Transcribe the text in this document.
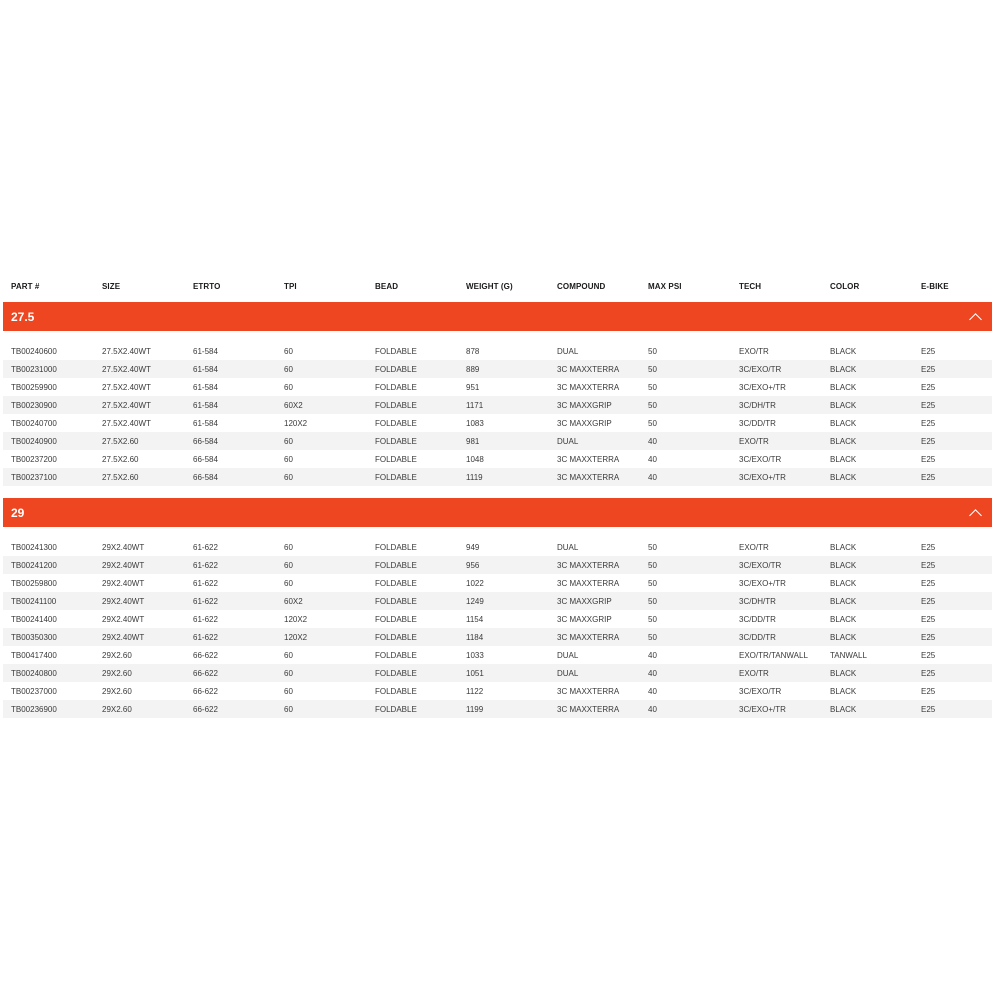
PART #	SIZE	ETRTO	TPI	BEAD	WEIGHT (G)	COMPOUND	MAX PSI	TECH	COLOR	E-BIKE
27.5
TB00240600	27.5X2.40WT	61-584	60	FOLDABLE	878	DUAL	50	EXO/TR	BLACK	E25
TB00231000	27.5X2.40WT	61-584	60	FOLDABLE	889	3C MAXXTERRA	50	3C/EXO/TR	BLACK	E25
TB00259900	27.5X2.40WT	61-584	60	FOLDABLE	951	3C MAXXTERRA	50	3C/EXO+/TR	BLACK	E25
TB00230900	27.5X2.40WT	61-584	60X2	FOLDABLE	1171	3C MAXXGRIP	50	3C/DH/TR	BLACK	E25
TB00240700	27.5X2.40WT	61-584	120X2	FOLDABLE	1083	3C MAXXGRIP	50	3C/DD/TR	BLACK	E25
TB00240900	27.5X2.60	66-584	60	FOLDABLE	981	DUAL	40	EXO/TR	BLACK	E25
TB00237200	27.5X2.60	66-584	60	FOLDABLE	1048	3C MAXXTERRA	40	3C/EXO/TR	BLACK	E25
TB00237100	27.5X2.60	66-584	60	FOLDABLE	1119	3C MAXXTERRA	40	3C/EXO+/TR	BLACK	E25
29
TB00241300	29X2.40WT	61-622	60	FOLDABLE	949	DUAL	50	EXO/TR	BLACK	E25
TB00241200	29X2.40WT	61-622	60	FOLDABLE	956	3C MAXXTERRA	50	3C/EXO/TR	BLACK	E25
TB00259800	29X2.40WT	61-622	60	FOLDABLE	1022	3C MAXXTERRA	50	3C/EXO+/TR	BLACK	E25
TB00241100	29X2.40WT	61-622	60X2	FOLDABLE	1249	3C MAXXGRIP	50	3C/DH/TR	BLACK	E25
TB00241400	29X2.40WT	61-622	120X2	FOLDABLE	1154	3C MAXXGRIP	50	3C/DD/TR	BLACK	E25
TB00350300	29X2.40WT	61-622	120X2	FOLDABLE	1184	3C MAXXTERRA	50	3C/DD/TR	BLACK	E25
TB00417400	29X2.60	66-622	60	FOLDABLE	1033	DUAL	40	EXO/TR/TANWALL	TANWALL	E25
TB00240800	29X2.60	66-622	60	FOLDABLE	1051	DUAL	40	EXO/TR	BLACK	E25
TB00237000	29X2.60	66-622	60	FOLDABLE	1122	3C MAXXTERRA	40	3C/EXO/TR	BLACK	E25
TB00236900	29X2.60	66-622	60	FOLDABLE	1199	3C MAXXTERRA	40	3C/EXO+/TR	BLACK	E25
